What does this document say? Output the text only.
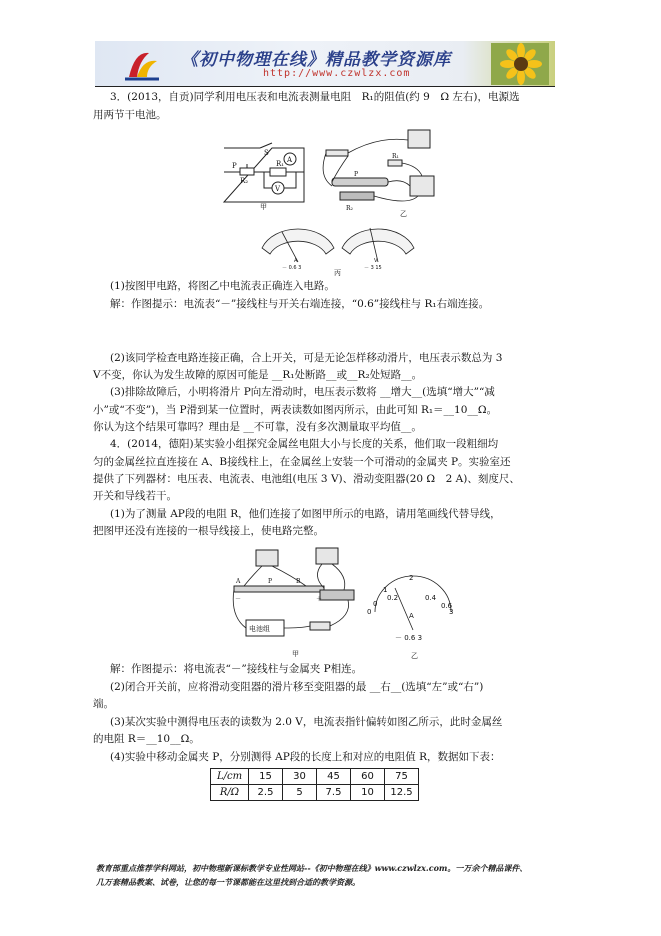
《初中物理在线》精品教学资源库
http://www.czwlzx.com
3．(2013，自贡)同学利用电压表和电流表测量电阻　R₁的阻值(约 9　Ω 左右)，电源选
用两节干电池。
S
A
V
R₁
R₂
P
甲
P
R₂
R₁
乙
A	V
－ 0.6 3	－ 3 15
丙
(1)按图甲电路，将图乙中电流表正确连入电路。
解：作图提示：电流表“－”接线柱与开关右端连接，“0.6”接线柱与 R₁右端连接。
(2)该同学检查电路连接正确，合上开关，可是无论怎样移动滑片，电压表示数总为 3
V不变，你认为发生故障的原因可能是 __R₁处断路__或__R₂处短路__。
(3)排除故障后，小明将滑片 P向左滑动时，电压表示数将 __增大__(选填“增大”“减
小”或“不变”)，当 P滑到某一位置时，两表读数如图丙所示，由此可知 R₁＝__10__Ω。
你认为这个结果可靠吗？理由是 __不可靠，没有多次测量取平均值__。
4．(2014，德阳)某实验小组探究金属丝电阻大小与长度的关系，他们取一段粗细均
匀的金属丝拉直连接在 A、B接线柱上，在金属丝上安装一个可滑动的金属夹 P。实验室还
提供了下列器材：电压表、电流表、电池组(电压 3 V)、滑动变阻器(20 Ω　2 A)、刻度尺、
开关和导线若干。
(1)为了测量 AP段的电阻 R，他们连接了如图甲所示的电路，请用笔画线代替导线，
把图甲还没有连接的一根导线接上，使电路完整。
A	P	B
－	＋
电池组
甲
0
1
2
3
0
0.2	0.4
0.6
A
－ 0.6 3
乙
解：作图提示：将电流表“－”接线柱与金属夹 P相连。
(2)闭合开关前，应将滑动变阻器的滑片移至变阻器的最 __右__(选填“左”或“右”)
端。
(3)某次实验中测得电压表的读数为 2.0 V，电流表指针偏转如图乙所示，此时金属丝
的电阻 R＝__10__Ω。
(4)实验中移动金属夹 P，分别测得 AP段的长度上和对应的电阻值 R，数据如下表：
L/cm	15	30	45	60	75
R/Ω	2.5	5	7.5	10	12.5
教育部重点推荐学科网站，初中物理新课标教学专业性网站--《初中物理在线》www.czwlzx.com。一万余个精品课件、
几万套精品教案、试卷，让您的每一节课都能在这里找到合适的教学资源。
